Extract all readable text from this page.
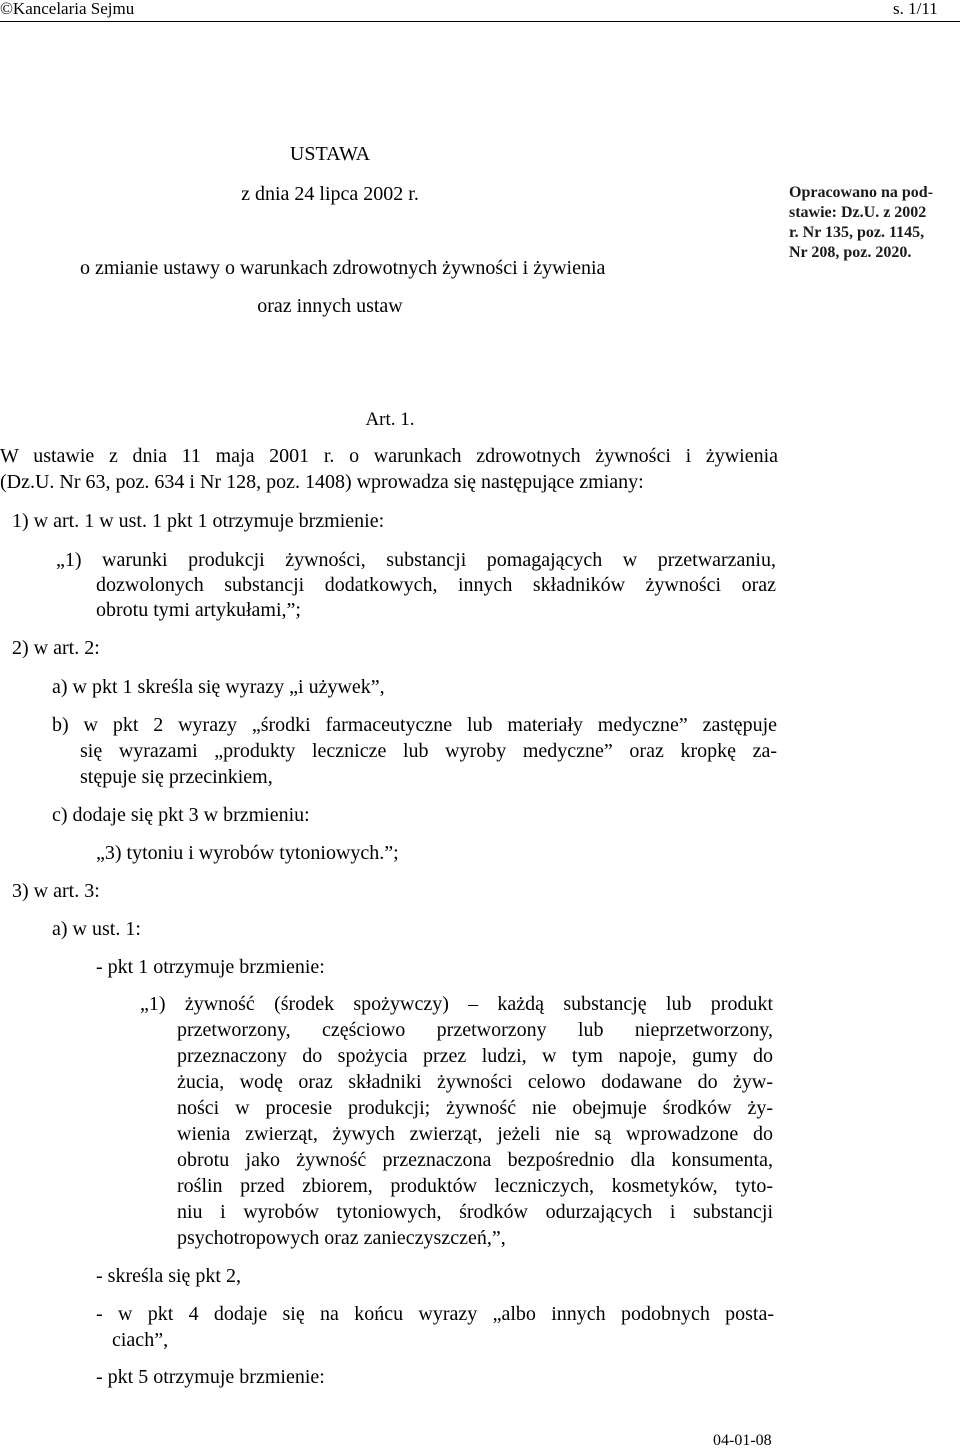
©Kancelaria Sejmu	s. 1/11
USTAWA
z dnia 24 lipca 2002 r.
o zmianie ustawy o warunkach zdrowotnych żywności i żywienia
oraz innych ustaw
Opracowano na pod-
stawie: Dz.U. z 2002
r. Nr 135, poz. 1145,
Nr 208, poz. 2020.
Art. 1.
W ustawie z dnia 11 maja 2001 r. o warunkach zdrowotnych żywności i żywienia
(Dz.U. Nr 63, poz. 634 i Nr 128, poz. 1408) wprowadza się następujące zmiany:
1) w art. 1 w ust. 1 pkt 1 otrzymuje brzmienie:
„1) warunki produkcji żywności, substancji pomagających w przetwarzaniu,
dozwolonych substancji dodatkowych, innych składników żywności oraz
obrotu tymi artykułami,”;
2) w art. 2:
a) w pkt 1 skreśla się wyrazy „i używek”,
b) w pkt 2 wyrazy „środki farmaceutyczne lub materiały medyczne” zastępuje
się wyrazami „produkty lecznicze lub wyroby medyczne” oraz kropkę za-
stępuje się przecinkiem,
c) dodaje się pkt 3 w brzmieniu:
„3) tytoniu i wyrobów tytoniowych.”;
3) w art. 3:
a) w ust. 1:
- pkt 1 otrzymuje brzmienie:
„1) żywność (środek spożywczy) – każdą substancję lub produkt
przetworzony, częściowo przetworzony lub nieprzetworzony,
przeznaczony do spożycia przez ludzi, w tym napoje, gumy do
żucia, wodę oraz składniki żywności celowo dodawane do żyw-
ności w procesie produkcji; żywność nie obejmuje środków ży-
wienia zwierząt, żywych zwierząt, jeżeli nie są wprowadzone do
obrotu jako żywność przeznaczona bezpośrednio dla konsumenta,
roślin przed zbiorem, produktów leczniczych, kosmetyków, tyto-
niu i wyrobów tytoniowych, środków odurzających i substancji
psychotropowych oraz zanieczyszczeń,”,
- skreśla się pkt 2,
- w pkt 4 dodaje się na końcu wyrazy „albo innych podobnych posta-
ciach”,
- pkt 5 otrzymuje brzmienie:
04-01-08
